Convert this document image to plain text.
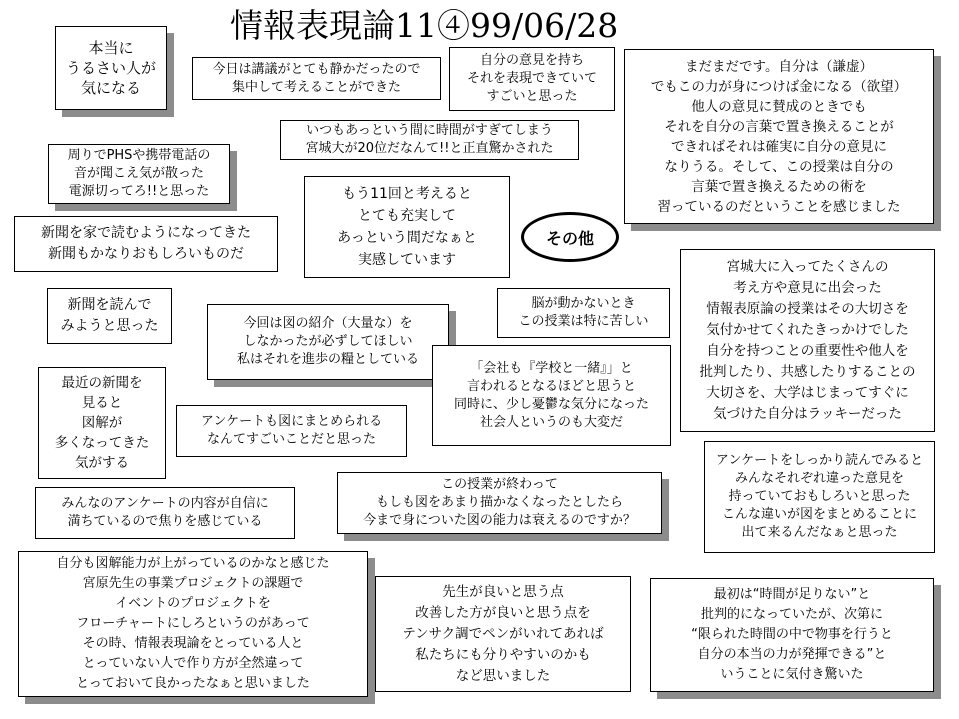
情報表現論11④99/06/28
その他
本当に
うるさい人が
気になる
今日は講議がとても静かだったので
集中して考えることができた
自分の意見を持ち
それを表現できていて
すごいと思った
まだまだです。自分は（謙虚）
でもこの力が身につけば金になる（欲望）
他人の意見に賛成のときでも
それを自分の言葉で置き換えることが
できればそれは確実に自分の意見に
なりうる。そして、この授業は自分の
言葉で置き換えるための術を
習っているのだということを感じました
いつもあっという間に時間がすぎてしまう
宮城大が20位だなんて!!と正直驚かされた
周りでPHSや携帯電話の
音が聞こえ気が散った
電源切ってろ!!と思った	もう11回と考えると
とても充実して
あっという間だなぁと
実感しています
新聞を家で読むようになってきた
新聞もかなりおもしろいものだ
宮城大に入ってたくさんの
考え方や意見に出会った
情報表原論の授業はその大切さを
気付かせてくれたきっかけでした
自分を持つことの重要性や他人を
批判したり、共感したりすることの
大切さを、大学はじまってすぐに
気づけた自分はラッキーだった
新聞を読んで
みようと思った
脳が動かないとき
この授業は特に苦しい
今回は図の紹介（大量な）を
しなかったが必ずしてほしい
私はそれを進歩の糧としている
「会社も『学校と一緒』」と
言われるとなるほどと思うと
同時に、少し憂鬱な気分になった
社会人というのも大変だ
最近の新聞を
見ると
図解が
多くなってきた
気がする
アンケートも図にまとめられる
なんてすごいことだと思った
アンケートをしっかり読んでみると
みんなそれぞれ違った意見を
持っていておもしろいと思った
こんな違いが図をまとめることに
出て来るんだなぁと思った
みんなのアンケートの内容が自信に
満ちているので焦りを感じている
この授業が終わって
もしも図をあまり描かなくなったとしたら
今まで身についた図の能力は衰えるのですか？
自分も図解能力が上がっているのかなと感じた
宮原先生の事業プロジェクトの課題で
イベントのプロジェクトを
フローチャートにしろというのがあって
その時、情報表現論をとっている人と
とっていない人で作り方が全然違って
とっておいて良かったなぁと思いました
先生が良いと思う点
改善した方が良いと思う点を
テンサク調でペンがいれてあれば
私たちにも分りやすいのかも
など思いました
最初は“時間が足りない”と
批判的になっていたが、次第に
“限られた時間の中で物事を行うと
自分の本当の力が発揮できる”と
いうことに気付き驚いた
